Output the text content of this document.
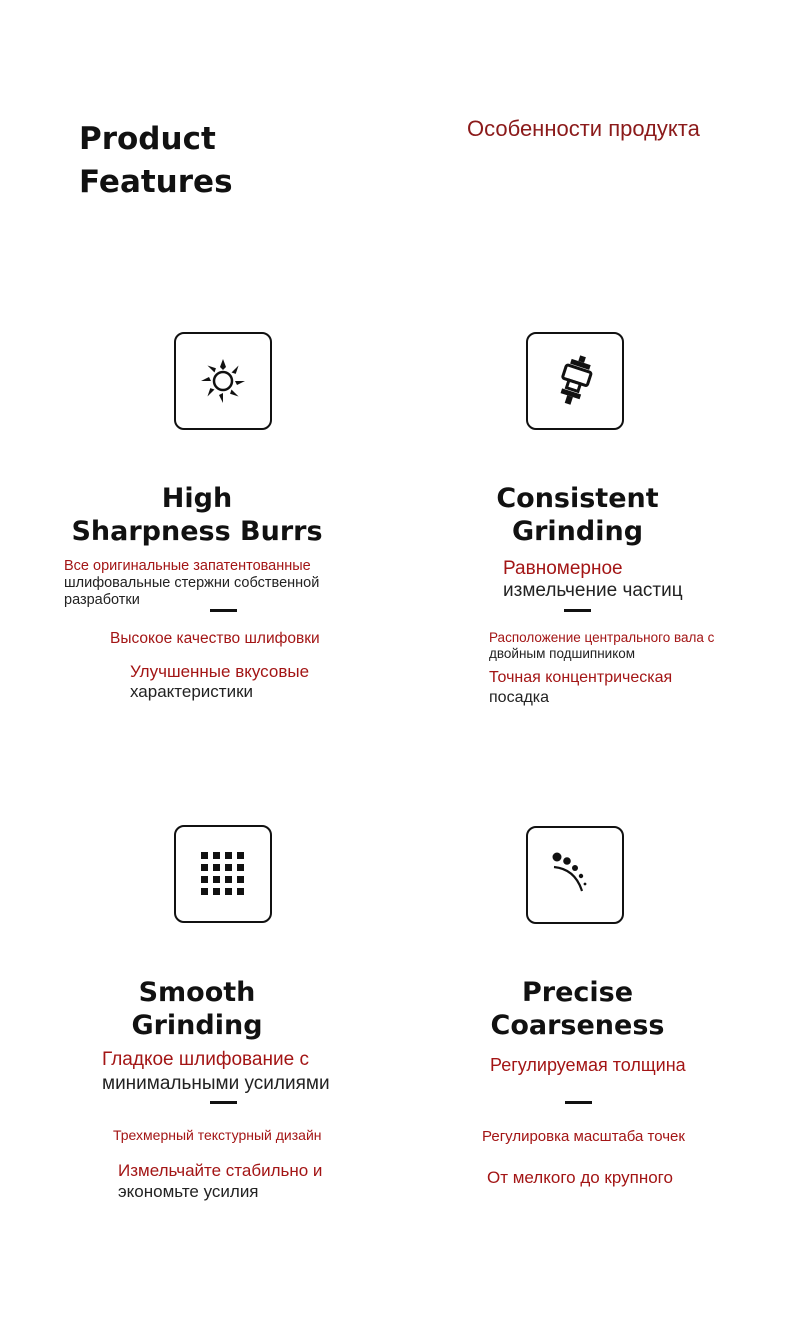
Product
Features
Особенности продукта
High
Sharpness Burrs
Все оригинальные запатентованные
шлифовальные стержни собственной разработки
Высокое качество шлифовки
Улучшенные вкусовые
характеристики
Consistent
Grinding
Равномерное
измельчение частиц
Расположение центрального вала с
двойным подшипником
Точная концентрическая
посадка
Smooth
Grinding
Гладкое шлифование с
минимальными усилиями
Трехмерный текстурный дизайн
Измельчайте стабильно и
экономьте усилия
Precise
Coarseness
Регулируемая толщина
Регулировка масштаба точек
От мелкого до крупного
